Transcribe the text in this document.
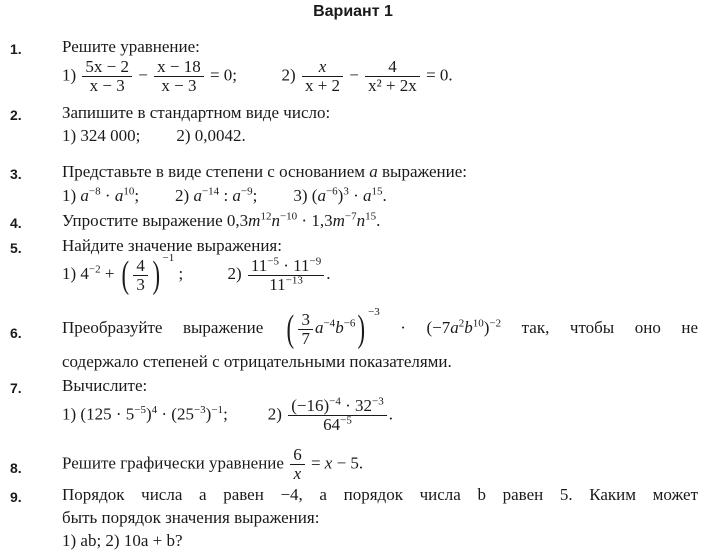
Вариант 1
1.
2.
3.
4.
5.
6.
7.
8.
9.
Решите уравнение:
$1) \frac{5x - 2}{x - 3} - \frac{x - 18}{x - 3} = 0$;	$2) \frac{x}{x + 2} - \frac{4}{\text{x² + 2x}} = 0$.
Запишите в стандартном виде число:
1) 324 000; 2) 0,0042.
Представьте в виде степени с основанием a выражение:
1) $a^{-8} \cdot a^{10}$; 2) $a^{-14}$ : $a^{-9}$; 3) $(a^{-6})^3 \cdot a^{15}$.
Упростите выражение $0,3m^{12}n^{-10} \cdot 1,3m^{-7}n^{15}$.
Найдите значение выражения:
1) $4^{-2}$ + ( $\frac{4}{3}$ ) $^{-1}$ ; $2) \frac{11^{-5} \cdot 11^{-9}}{11^{-13}}$ .
Преобразуйте выражение ( $\frac{3}{7} a^{-4}b^{-6}$) $^{-3} \cdot (-7a^2b^{10})^{-2}$ так, чтобы оно не
содержало степеней с отрицательными показателями.
Вычислите:
1) $(125 \cdot 5^{-5})^4 \cdot (25^{-3})^{-1}$; $2) \frac{(-16)^{-4} \cdot 32^{-3}}{64^{-5}}$ .
Решите графически уравнение $\frac{6}{x} = x - 5$.
Порядок числа a равен −4, а порядок числа b равен 5. Каким может
быть порядок значения выражения:
1) ab; 2) 10a + b?
